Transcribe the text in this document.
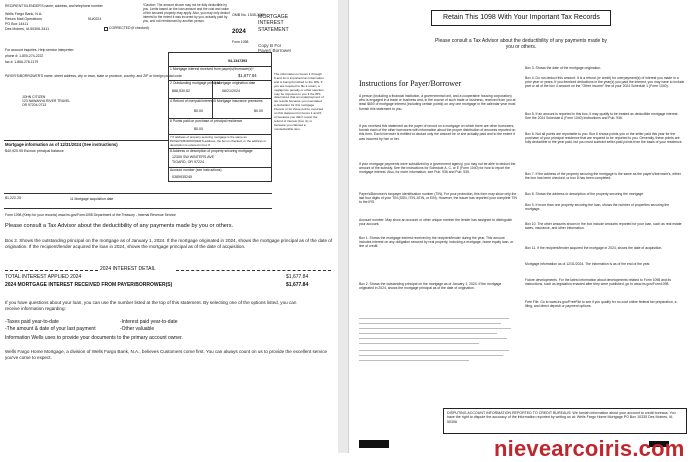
RECIPIENT'S/LENDER'S name, address, and telephone number
Wells Fargo Bank, N.A.
Return Mail Operations
PO Box 14411
Des Moines, IA 50306-3411
51#0224
CORRECTED (if checked)
*Caution: The amount shown may not be fully deductible by you. Limits based on the loan amount and the cost and value of the secured property may apply. Also, you may only deduct interest to the extent it was incurred by you, actually paid by you, and not reimbursed by another person.
OMB No. 1545-1380
2024
Form 1098
MORTGAGE INTEREST STATEMENT
Copy B For Payer/ Borrower
The information in boxes 1 through 9 and 11 is important tax information and is being furnished to the IRS. If you are required to file a return, a negligence penalty or other sanction may be imposed on you if the IRS determines that an underpayment of tax results because you overstated a deduction for this mortgage interest or for these points, reported on this statement in boxes 1 and 6; or because you didn't report the refund of interest (box 4); or because you claimed a nondeductible item.
For account inquiries, Help service interpreter:
phone #: 1-800-274-2222
fax #: 1-866-278-1179
PAYER'S/BORROWER'S name, street address, city or town, state or province, country, and ZIP or foreign postal code
JOHN CITIZEN
123 NAWANYA RIVER TRAVEL
OR 97204-0713
94-1347393
1 Mortgage interest received from payer(s)/borrower(s)*
$1,677.84
2 Outstanding mortgage principal
$88,530.62
3 Mortgage origination date
06/21/2024
4 Refund of overpaid interest
$0.00
5 Mortgage insurance premiums
$0.00
6 Points paid on purchase of principal residence
$0.00
7 If address of property securing mortgage is the same as PAYER'S/BORROWER'S address, the box is checked, or the address or description is entered in box 8.
8 Address or description of property securing mortgage
12305 SW WINTERS AVE
TIGARD, OR 97224
Account number (see instructions)
0385935245
Mortgage information as of 12/31/2024 (See instructions)
$40,920.95 Escrow principal balance
$1,222.25	11 Mortgage acquisition date
Form 1098 (Keep for your records) www.irs.gov/Form1098 Department of the Treasury - Internal Revenue Service
Please consult a Tax Advisor about the deductibility of any payments made by you or others.
Box 2. Shows the outstanding principal on the mortgage as of January 1, 2024. If the mortgage originated in 2024, shows the mortgage principal as of the date of origination. If the recipient/lender acquired the loan in 2024, shows the mortgage principal as of the date of acquisition.
2024 INTEREST DETAIL
TOTAL INTEREST APPLIED 2024	$1,677.84
2024 MORTGAGE INTEREST RECEIVED FROM PAYER/BORROWER(S)	$1,677.84
If you have questions about your loan, you can use the number listed at the top of this statement. By selecting one of the options listed, you can receive information regarding:
-Taxes paid year-to-date	-Interest paid year-to-date
-The amount & date of your last payment	-Other valuable
Information Wells uses to provide your documents to the primary account owner.
Wells Fargo Home Mortgage, a division of Wells Fargo Bank, N.A., believes Customers come first. You can always count on us to provide the excellent service you've come to expect.
Retain This 1098 With Your Important Tax Records
Please consult a Tax Advisor about the deductibility of any payments made by you or others.
Instructions for Payer/Borrower
A person (including a financial institution, a governmental unit, and a cooperative housing corporation) who is engaged in a trade or business and, in the course of such trade or business, received from you at least $600 of mortgage interest (including certain points) on any one mortgage in the calendar year must furnish this statement to you.
If you received this statement as the payer of record on a mortgage on which there are other borrowers, furnish each of the other borrowers with information about the proper distribution of amounts reported on this form. Each borrower is entitled to deduct only the amount he or she actually paid and to the extent it was incurred by him or her.
If your mortgage payments were subsidized by a government agency, you may not be able to deduct the amount of the subsidy. See the instructions for Schedule A, C, or E (Form 1040) for how to report the mortgage interest. Also, for more information, see Pub. 936 and Pub. 535.
Payer's/Borrower's taxpayer identification number (TIN). For your protection, this form may show only the last four digits of your TIN (SSN, ITIN, ATIN, or EIN). However, the issuer has reported your complete TIN to the IRS.
Account number. May show an account or other unique number the lender has assigned to distinguish your account.
Box 1. Shows the mortgage interest received by the recipient/lender during the year. This amount includes interest on any obligation secured by real property, including a mortgage, home equity loan, or line of credit.
Box 2. Shows the outstanding principal on the mortgage as of January 1, 2024. If the mortgage originated in 2024, shows the mortgage principal as of the date of origination.
Box 3. Shows the date of the mortgage origination.
Box 4. Do not deduct this amount. It is a refund (or credit) for overpayment(s) of interest you made in a prior year or years. If you itemized deductions in the year(s) you paid the interest, you may have to include part or all of the box 4 amount on the "Other income" line of your 2024 Schedule 1 (Form 1040).
Box 5. If an amount is reported in this box, it may qualify to be treated as deductible mortgage interest. See the 2024 Schedule A (Form 1040) instructions and Pub. 936.
Box 6. Not all points are reportable to you. Box 6 shows points you or the seller paid this year for the purchase of your principal residence that are required to be reported to you. Generally, these points are fully deductible in the year paid, but you must subtract seller-paid points from the basis of your residence.
Box 7. If the address of the property securing the mortgage is the same as the payer's/borrower's, either the box has been checked, or box 8 has been completed.
Box 8. Shows the address or description of the property securing the mortgage.
Box 9. If more than one property securing the loan, shows the number of properties securing the mortgage.
Box 10. The other amounts shown in the box include amounts reported for your loan, such as real estate taxes, insurance, and other information.
Box 11. If the recipient/lender acquired the mortgage in 2024, shows the date of acquisition.
Mortgage information as of 12/31/2024. The information is as of the end of the year.
Future developments. For the latest information about developments related to Form 1098 and its instructions, such as legislation enacted after they were published, go to www.irs.gov/Form1098.
Free File. Go to www.irs.gov/FreeFile to see if you qualify for no-cost online federal tax preparation, e-filing, and direct deposit or payment options.
DISPUTING ACCOUNT INFORMATION REPORTED TO CREDIT BUREAUS: We furnish information about your account to credit bureaus. You have the right to dispute the accuracy of the information reported by writing us at: Wells Fargo Home Mortgage PO Box 10335 Des Moines, IA 50306
nievearcoiris.com
